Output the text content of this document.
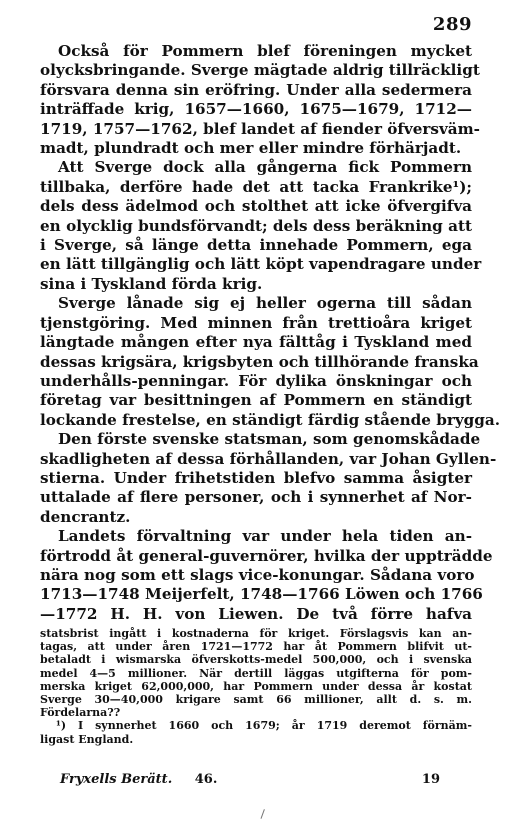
289
Också för Pommern blef föreningen mycket
olycksbringande. Sverge mägtade aldrig tillräckligt
försvara denna sin eröfring. Under alla sedermera
inträffade krig, 1657—1660, 1675—1679, 1712—
1719, 1757—1762, blef landet af fiender öfversväm-
madt, plundradt och mer eller mindre förhärjadt.
Att Sverge dock alla gångerna fick Pommern
tillbaka, derföre hade det att tacka Frankrike¹);
dels dess ädelmod och stolthet att icke öfvergifva
en olycklig bundsförvandt; dels dess beräkning att
i Sverge, så länge detta innehade Pommern, ega
en lätt tillgänglig och lätt köpt vapendragare under
sina i Tyskland förda krig.
Sverge lånade sig ej heller ogerna till sådan
tjenstgöring. Med minnen från trettioåra kriget
längtade mången efter nya fälttåg i Tyskland med
dessas krigsära, krigsbyten och tillhörande franska
underhålls-penningar. För dylika önskningar och
företag var besittningen af Pommern en ständigt
lockande frestelse, en ständigt färdig stående brygga.
Den förste svenske statsman, som genomskådade
skadligheten af dessa förhållanden, var Johan Gyllen-
stierna. Under frihetstiden blefvo samma åsigter
uttalade af flere personer, och i synnerhet af Nor-
dencrantz.
Landets förvaltning var under hela tiden an-
förtrodd åt general-guvernörer, hvilka der uppträdde
nära nog som ett slags vice-konungar. Sådana voro
1713—1748 Meijerfelt, 1748—1766 Löwen och 1766
—1772 H. H. von Liewen. De två förre hafva
statsbrist ingått i kostnaderna för kriget. Förslagsvis kan an-
tagas, att under åren 1721—1772 har åt Pommern blifvit ut-
betaladt i wismarska öfverskotts-medel 500,000, och i svenska
medel 4—5 millioner. När dertill läggas utgifterna för pom-
merska kriget 62,000,000, har Pommern under dessa år kostat
Sverge 30—40,000 krigare samt 66 millioner, allt d. s. m.
Fördelarna??
¹) I synnerhet 1660 och 1679; år 1719 deremot förnäm-
ligast England.
Fryxells Berätt. 46.	19
